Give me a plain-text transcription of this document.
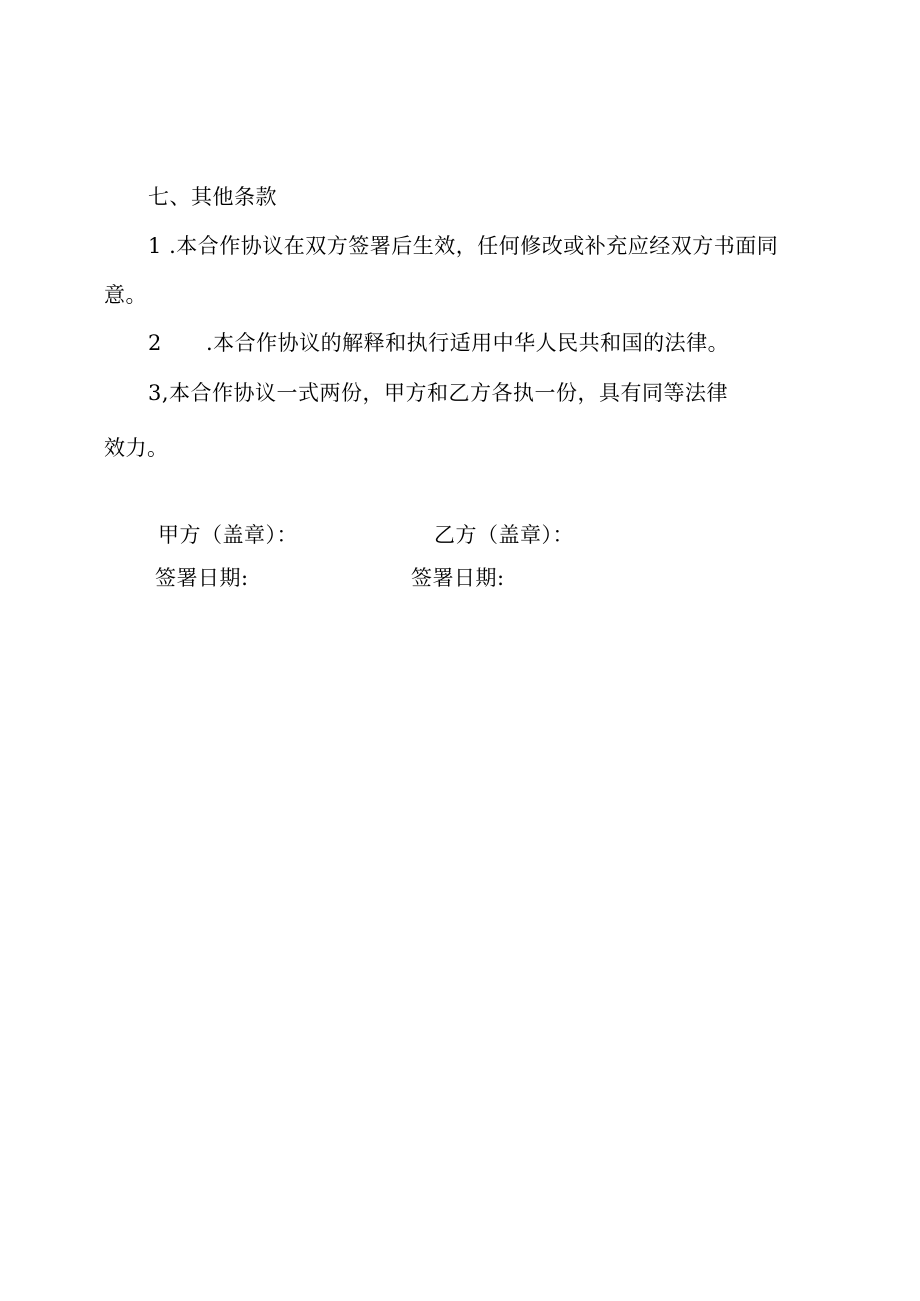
七、其他条款
1 .本合作协议在双方签署后生效，任何修改或补充应经双方书面同
意。
2 .本合作协议的解释和执行适用中华人民共和国的法律。
3,本合作协议一式两份，甲方和乙方各执一份，具有同等法律
效力。
甲方（盖章）：	乙方（盖章）：
签署日期:	签署日期:
